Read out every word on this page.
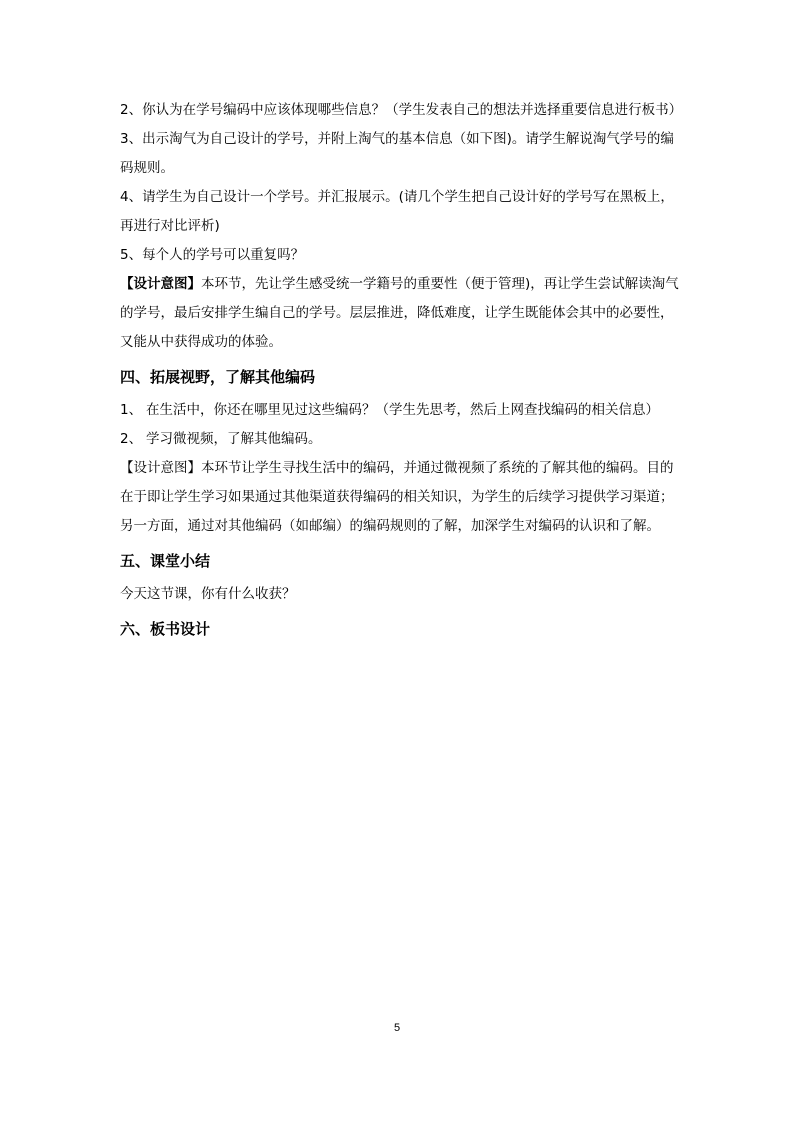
2、你认为在学号编码中应该体现哪些信息？（学生发表自己的想法并选择重要信息进行板书）

3、出示淘气为自己设计的学号，并附上淘气的基本信息（如下图)。请学生解说淘气学号的编码规则。

4、请学生为自己设计一个学号。并汇报展示。(请几个学生把自己设计好的学号写在黑板上，再进行对比评析)

5、每个人的学号可以重复吗？

【设计意图】本环节，先让学生感受统一学籍号的重要性（便于管理)，再让学生尝试解读淘气的学号，最后安排学生编自己的学号。层层推进，降低难度，让学生既能体会其中的必要性，又能从中获得成功的体验。

四、拓展视野，了解其他编码
1、 在生活中，你还在哪里见过这些编码？（学生先思考，然后上网查找编码的相关信息）
2、 学习微视频，了解其他编码。

【设计意图】本环节让学生寻找生活中的编码，并通过微视频了系统的了解其他的编码。目的在于即让学生学习如果通过其他渠道获得编码的相关知识，为学生的后续学习提供学习渠道；另一方面，通过对其他编码（如邮编）的编码规则的了解，加深学生对编码的认识和了解。

五、课堂小结

今天这节课，你有什么收获？

六、板书设计
5
